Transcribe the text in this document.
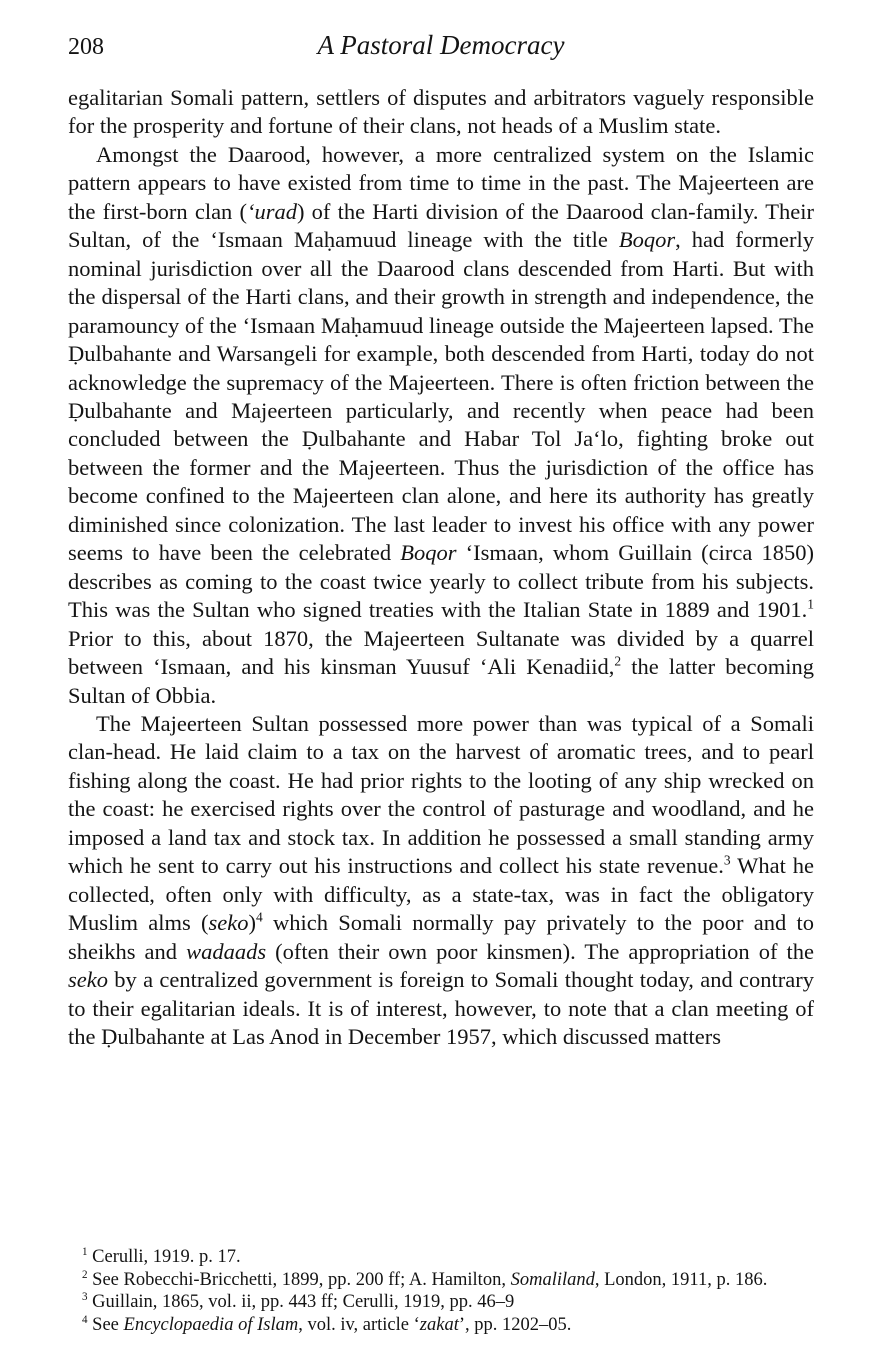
208	A Pastoral Democracy

egalitarian Somali pattern, settlers of disputes and arbitrators vaguely responsible for the prosperity and fortune of their clans, not heads of a Muslim state.

Amongst the Daarood, however, a more centralized system on the Islamic pattern appears to have existed from time to time in the past. The Majeerteen are the first-born clan (‘urad) of the Harti division of the Daarood clan-family. Their Sultan, of the ‘Ismaan Maḥamuud lineage with the title Boqor, had formerly nominal jurisdiction over all the Daarood clans descended from Harti. But with the dispersal of the Harti clans, and their growth in strength and independence, the paramouncy of the ‘Ismaan Maḥamuud lineage outside the Majeerteen lapsed. The Ḍulbahante and Warsangeli for example, both descended from Harti, today do not acknowledge the supremacy of the Majeerteen. There is often friction between the Ḍulbahante and Majeerteen particularly, and recently when peace had been concluded between the Ḍulbahante and Habar Tol Ja‘lo, fighting broke out between the former and the Majeerteen. Thus the jurisdiction of the office has become confined to the Majeerteen clan alone, and here its authority has greatly diminished since colonization. The last leader to invest his office with any power seems to have been the celebrated Boqor ‘Ismaan, whom Guillain (circa 1850) describes as coming to the coast twice yearly to collect tribute from his subjects. This was the Sultan who signed treaties with the Italian State in 1889 and 1901.$^1$ Prior to this, about 1870, the Majeerteen Sultanate was divided by a quarrel between ‘Ismaan, and his kinsman Yuusuf ‘Ali Kenadiid,$^2$ the latter becoming Sultan of Obbia.

The Majeerteen Sultan possessed more power than was typical of a Somali clan-head. He laid claim to a tax on the harvest of aromatic trees, and to pearl fishing along the coast. He had prior rights to the looting of any ship wrecked on the coast: he exercised rights over the control of pasturage and woodland, and he imposed a land tax and stock tax. In addition he possessed a small standing army which he sent to carry out his instructions and collect his state revenue.$^3$ What he collected, often only with difficulty, as a state-tax, was in fact the obligatory Muslim alms (seko)$^4$ which Somali normally pay privately to the poor and to sheikhs and wadaads (often their own poor kinsmen). The appropriation of the seko by a centralized government is foreign to Somali thought today, and contrary to their egalitarian ideals. It is of interest, however, to note that a clan meeting of the Ḍulbahante at Las Anod in December 1957, which discussed matters

$^1$ Cerulli, 1919. p. 17.

$^2$ See Robecchi-Bricchetti, 1899, pp. 200 ff; A. Hamilton, Somaliland, London, 1911, p. 186.

$^3$ Guillain, 1865, vol. ii, pp. 443 ff; Cerulli, 1919, pp. 46–9

$^4$ See Encyclopaedia of Islam, vol. iv, article ‘zakat’, pp. 1202–05.
